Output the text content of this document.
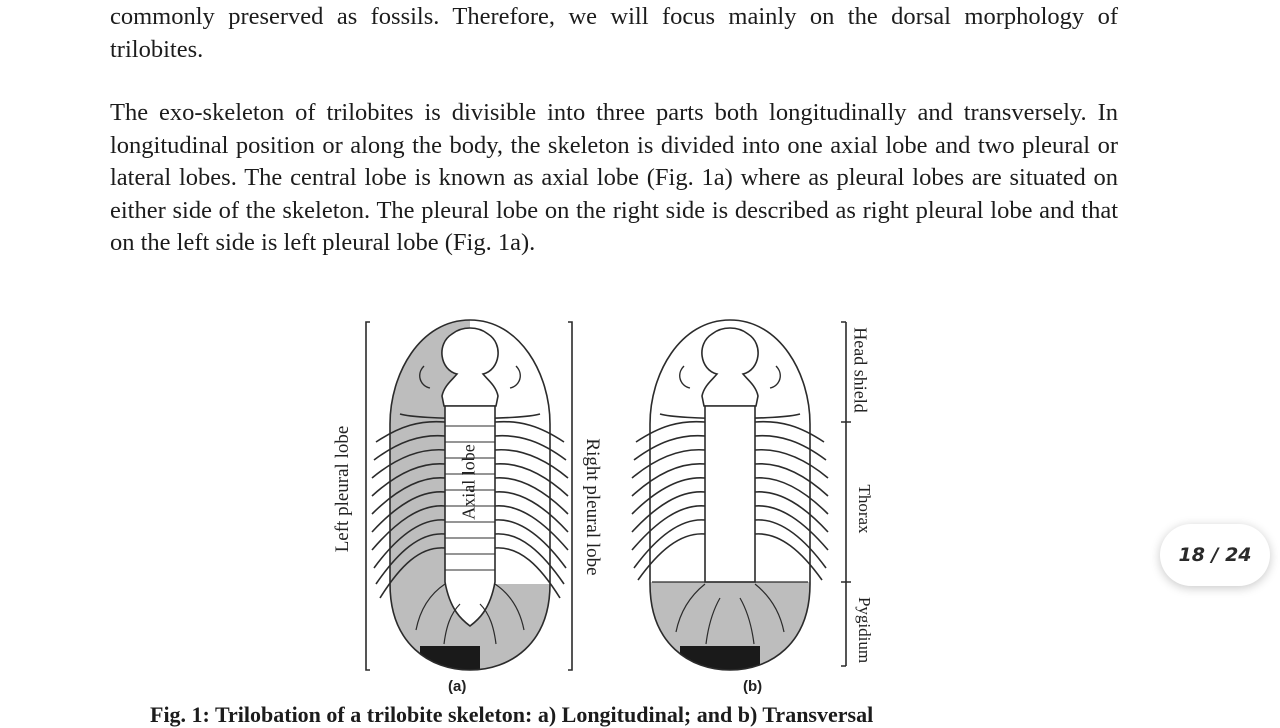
commonly preserved as fossils. Therefore, we will focus mainly on the dorsal morphology of trilobites.

The exo-skeleton of trilobites is divisible into three parts both longitudinally and transversely. In longitudinal position or along the body, the skeleton is divided into one axial lobe and two pleural or lateral lobes. The central lobe is known as axial lobe (Fig. 1a) where as pleural lobes are situated on either side of the skeleton. The pleural lobe on the right side is described as right pleural lobe and that on the left side is left pleural lobe (Fig. 1a).

Left pleural lobe	Axial lobe	Right pleural lobe
Head shield
Thorax
Pygidium
(a)	(b)
Fig. 1: Trilobation of a trilobite skeleton: a) Longitudinal; and b) Transversal
18 / 24
